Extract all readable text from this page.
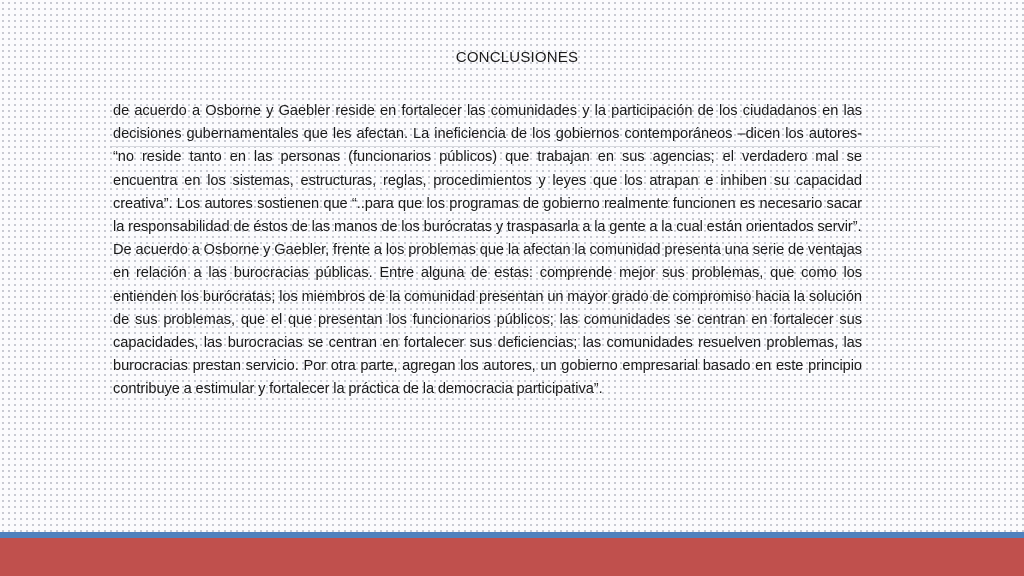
CONCLUSIONES

de acuerdo a Osborne y Gaebler reside en fortalecer las comunidades y la participación de los ciudadanos en las decisiones gubernamentales que les afectan. La ineficiencia de los gobiernos contemporáneos –dicen los autores- “no reside tanto en las personas (funcionarios públicos) que trabajan en sus agencias; el verdadero mal se encuentra en los sistemas, estructuras, reglas, procedimientos y leyes que los atrapan e inhiben su capacidad creativa”. Los autores sostienen que “..para que los programas de gobierno realmente funcionen es necesario sacar la responsabilidad de éstos de las manos de los burócratas y traspasarla a la gente a la cual están orientados servir”.

De acuerdo a Osborne y Gaebler, frente a los problemas que la afectan la comunidad presenta una serie de ventajas en relación a las burocracias públicas. Entre alguna de estas: comprende mejor sus problemas, que como los entienden los burócratas; los miembros de la comunidad presentan un mayor grado de compromiso hacia la solución de sus problemas, que el que presentan los funcionarios públicos; las comunidades se centran en fortalecer sus capacidades, las burocracias se centran en fortalecer sus deficiencias; las comunidades resuelven problemas, las burocracias prestan servicio. Por otra parte, agregan los autores, un gobierno empresarial basado en este principio contribuye a estimular y fortalecer la práctica de la democracia participativa”.
